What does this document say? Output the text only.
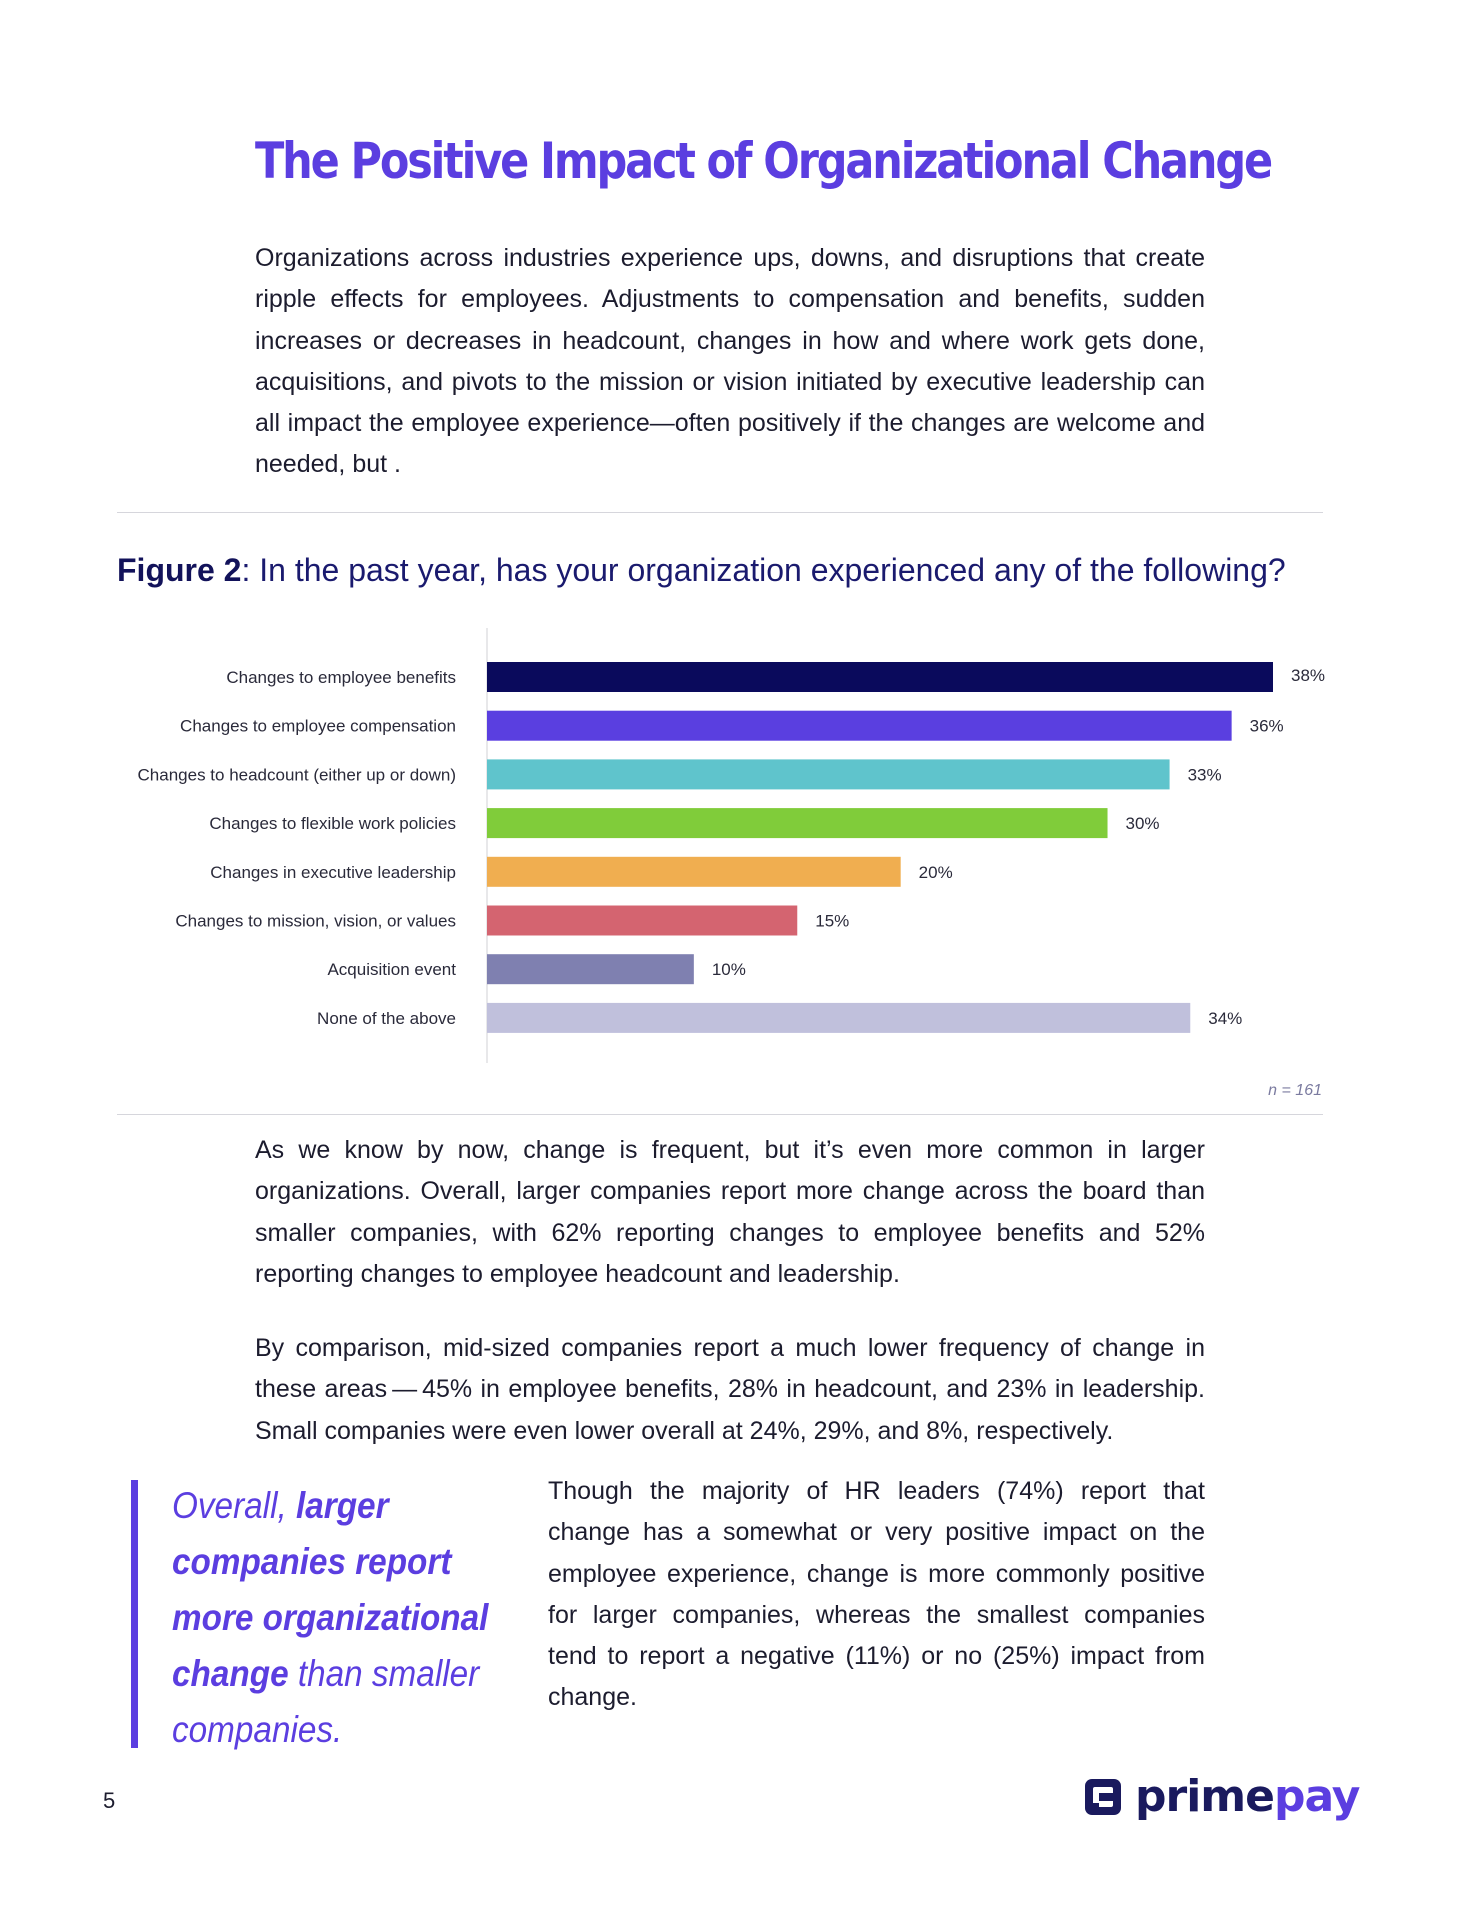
The Positive Impact of Organizational Change

Organizations across industries experience ups, downs, and disruptions that create ripple effects for employees. Adjustments to compensation and benefits, sudden increases or decreases in headcount, changes in how and where work gets done, acquisitions, and pivots to the mission or vision initiated by executive leadership can all impact the employee experience—often positively if the changes are welcome and needed, but .

Figure 2: In the past year, has your organization experienced any of the following?
Changes to employee benefits	38%
Changes to employee compensation	36%
Changes to headcount (either up or down)	33%
Changes to flexible work policies	30%
Changes in executive leadership	20%
Changes to mission, vision, or values	15%
Acquisition event	10%
None of the above	34%
n = 161

As we know by now, change is frequent, but it’s even more common in larger organizations. Overall, larger companies report more change across the board than smaller companies, with 62% reporting changes to employee benefits and 52% reporting changes to employee headcount and leadership.

By comparison, mid-sized companies report a much lower frequency of change in these areas — 45% in employee benefits, 28% in headcount, and 23% in leadership. Small companies were even lower overall at 24%, 29%, and 8%, respectively.

Overall, larger companies report more organizational change than smaller companies.

Though the majority of HR leaders (74%) report that change has a somewhat or very positive impact on the employee experience, change is more commonly positive for larger companies, whereas the smallest companies tend to report a negative (11%) or no (25%) impact from change.

5	primepay
